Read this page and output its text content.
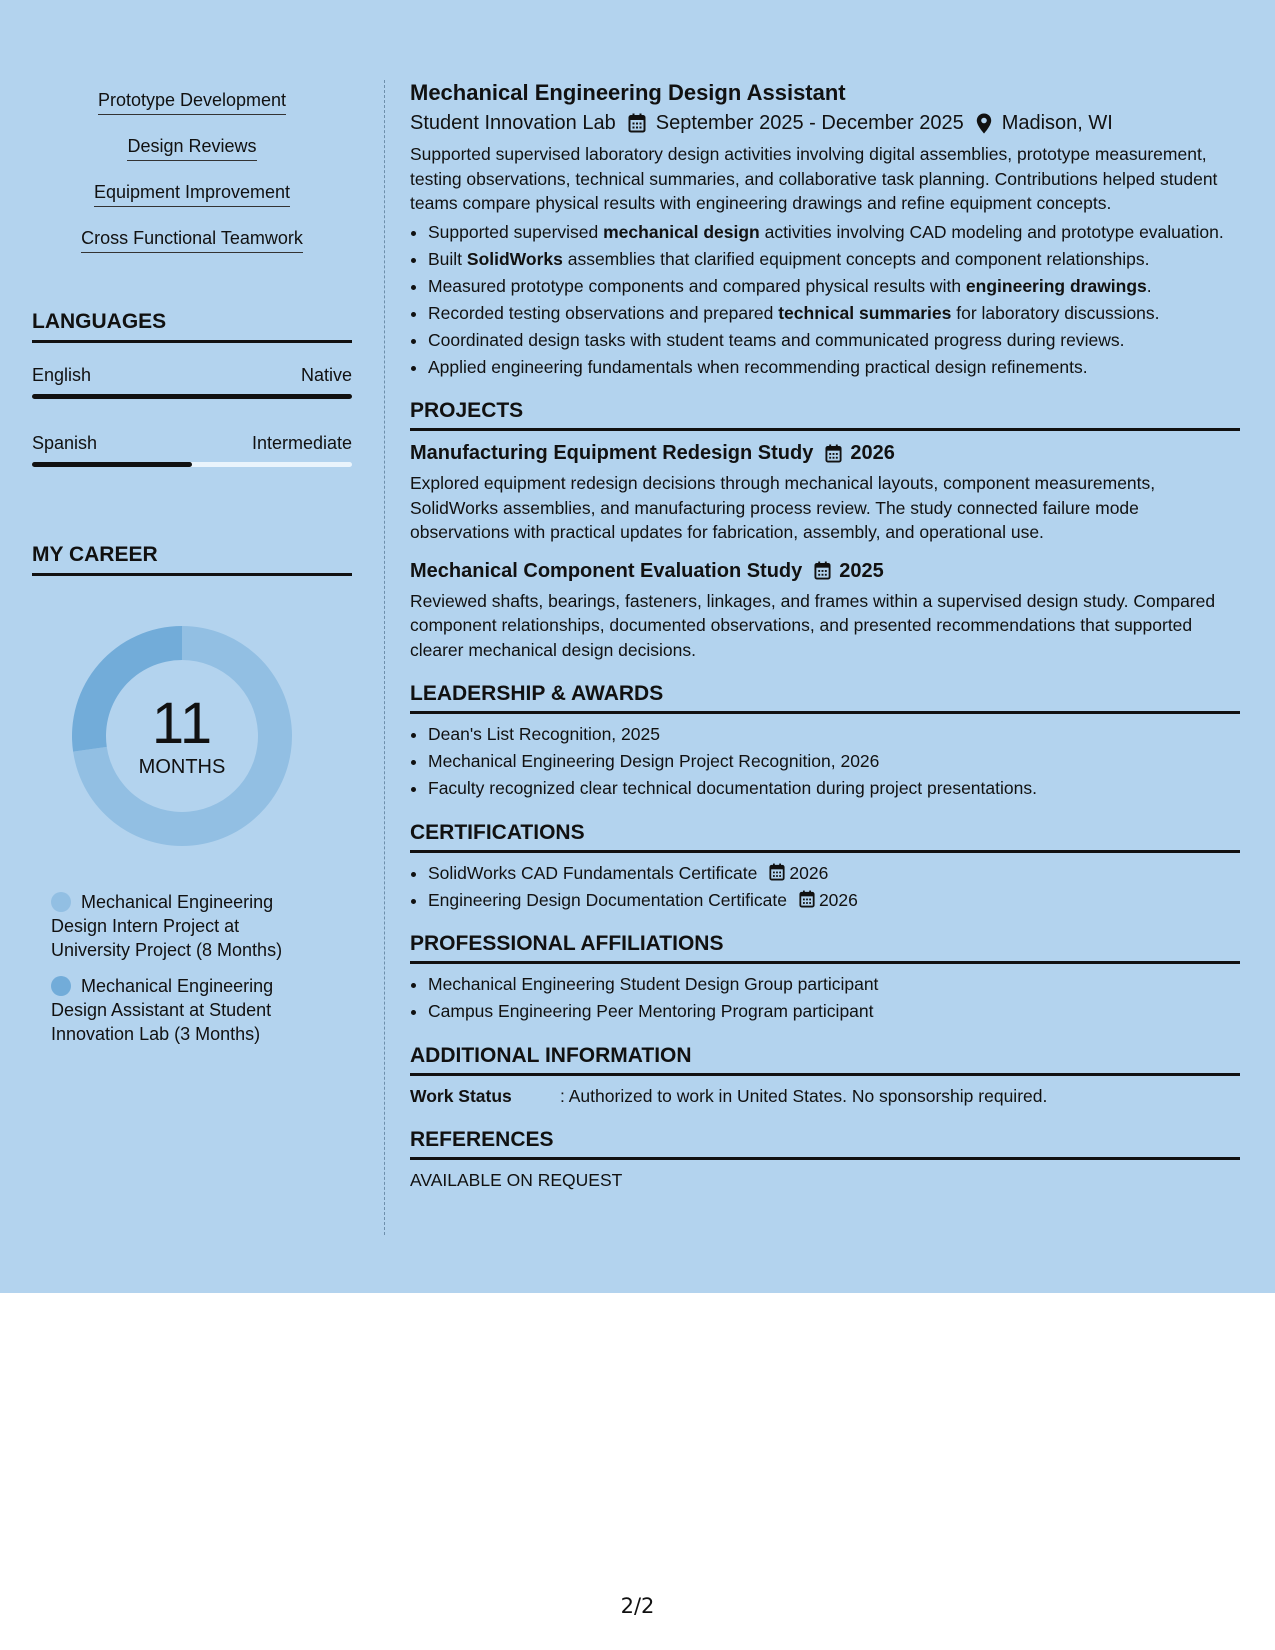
Prototype Development
Design Reviews
Equipment Improvement
Cross Functional Teamwork
LANGUAGES
English	Native
Spanish	Intermediate
MY CAREER
11
MONTHS
Mechanical Engineering Design Intern Project at University Project (8 Months)
Mechanical Engineering Design Assistant at Student Innovation Lab (3 Months)
Mechanical Engineering Design Assistant
Student Innovation Lab September 2025 - December 2025 Madison, WI
Supported supervised laboratory design activities involving digital assemblies, prototype measurement, testing observations, technical summaries, and collaborative task planning. Contributions helped student teams compare physical results with engineering drawings and refine equipment concepts.
• Supported supervised mechanical design activities involving CAD modeling and prototype evaluation.
• Built SolidWorks assemblies that clarified equipment concepts and component relationships.
• Measured prototype components and compared physical results with engineering drawings.
• Recorded testing observations and prepared technical summaries for laboratory discussions.
• Coordinated design tasks with student teams and communicated progress during reviews.
• Applied engineering fundamentals when recommending practical design refinements.
PROJECTS
Manufacturing Equipment Redesign Study 2026
Explored equipment redesign decisions through mechanical layouts, component measurements, SolidWorks assemblies, and manufacturing process review. The study connected failure mode observations with practical updates for fabrication, assembly, and operational use.
Mechanical Component Evaluation Study 2025
Reviewed shafts, bearings, fasteners, linkages, and frames within a supervised design study. Compared component relationships, documented observations, and presented recommendations that supported clearer mechanical design decisions.
LEADERSHIP & AWARDS
• Dean's List Recognition, 2025
• Mechanical Engineering Design Project Recognition, 2026
• Faculty recognized clear technical documentation during project presentations.
CERTIFICATIONS
• SolidWorks CAD Fundamentals Certificate 2026
• Engineering Design Documentation Certificate 2026
PROFESSIONAL AFFILIATIONS
• Mechanical Engineering Student Design Group participant
• Campus Engineering Peer Mentoring Program participant
ADDITIONAL INFORMATION
Work Status	: Authorized to work in United States. No sponsorship required.
REFERENCES
AVAILABLE ON REQUEST
2/2
